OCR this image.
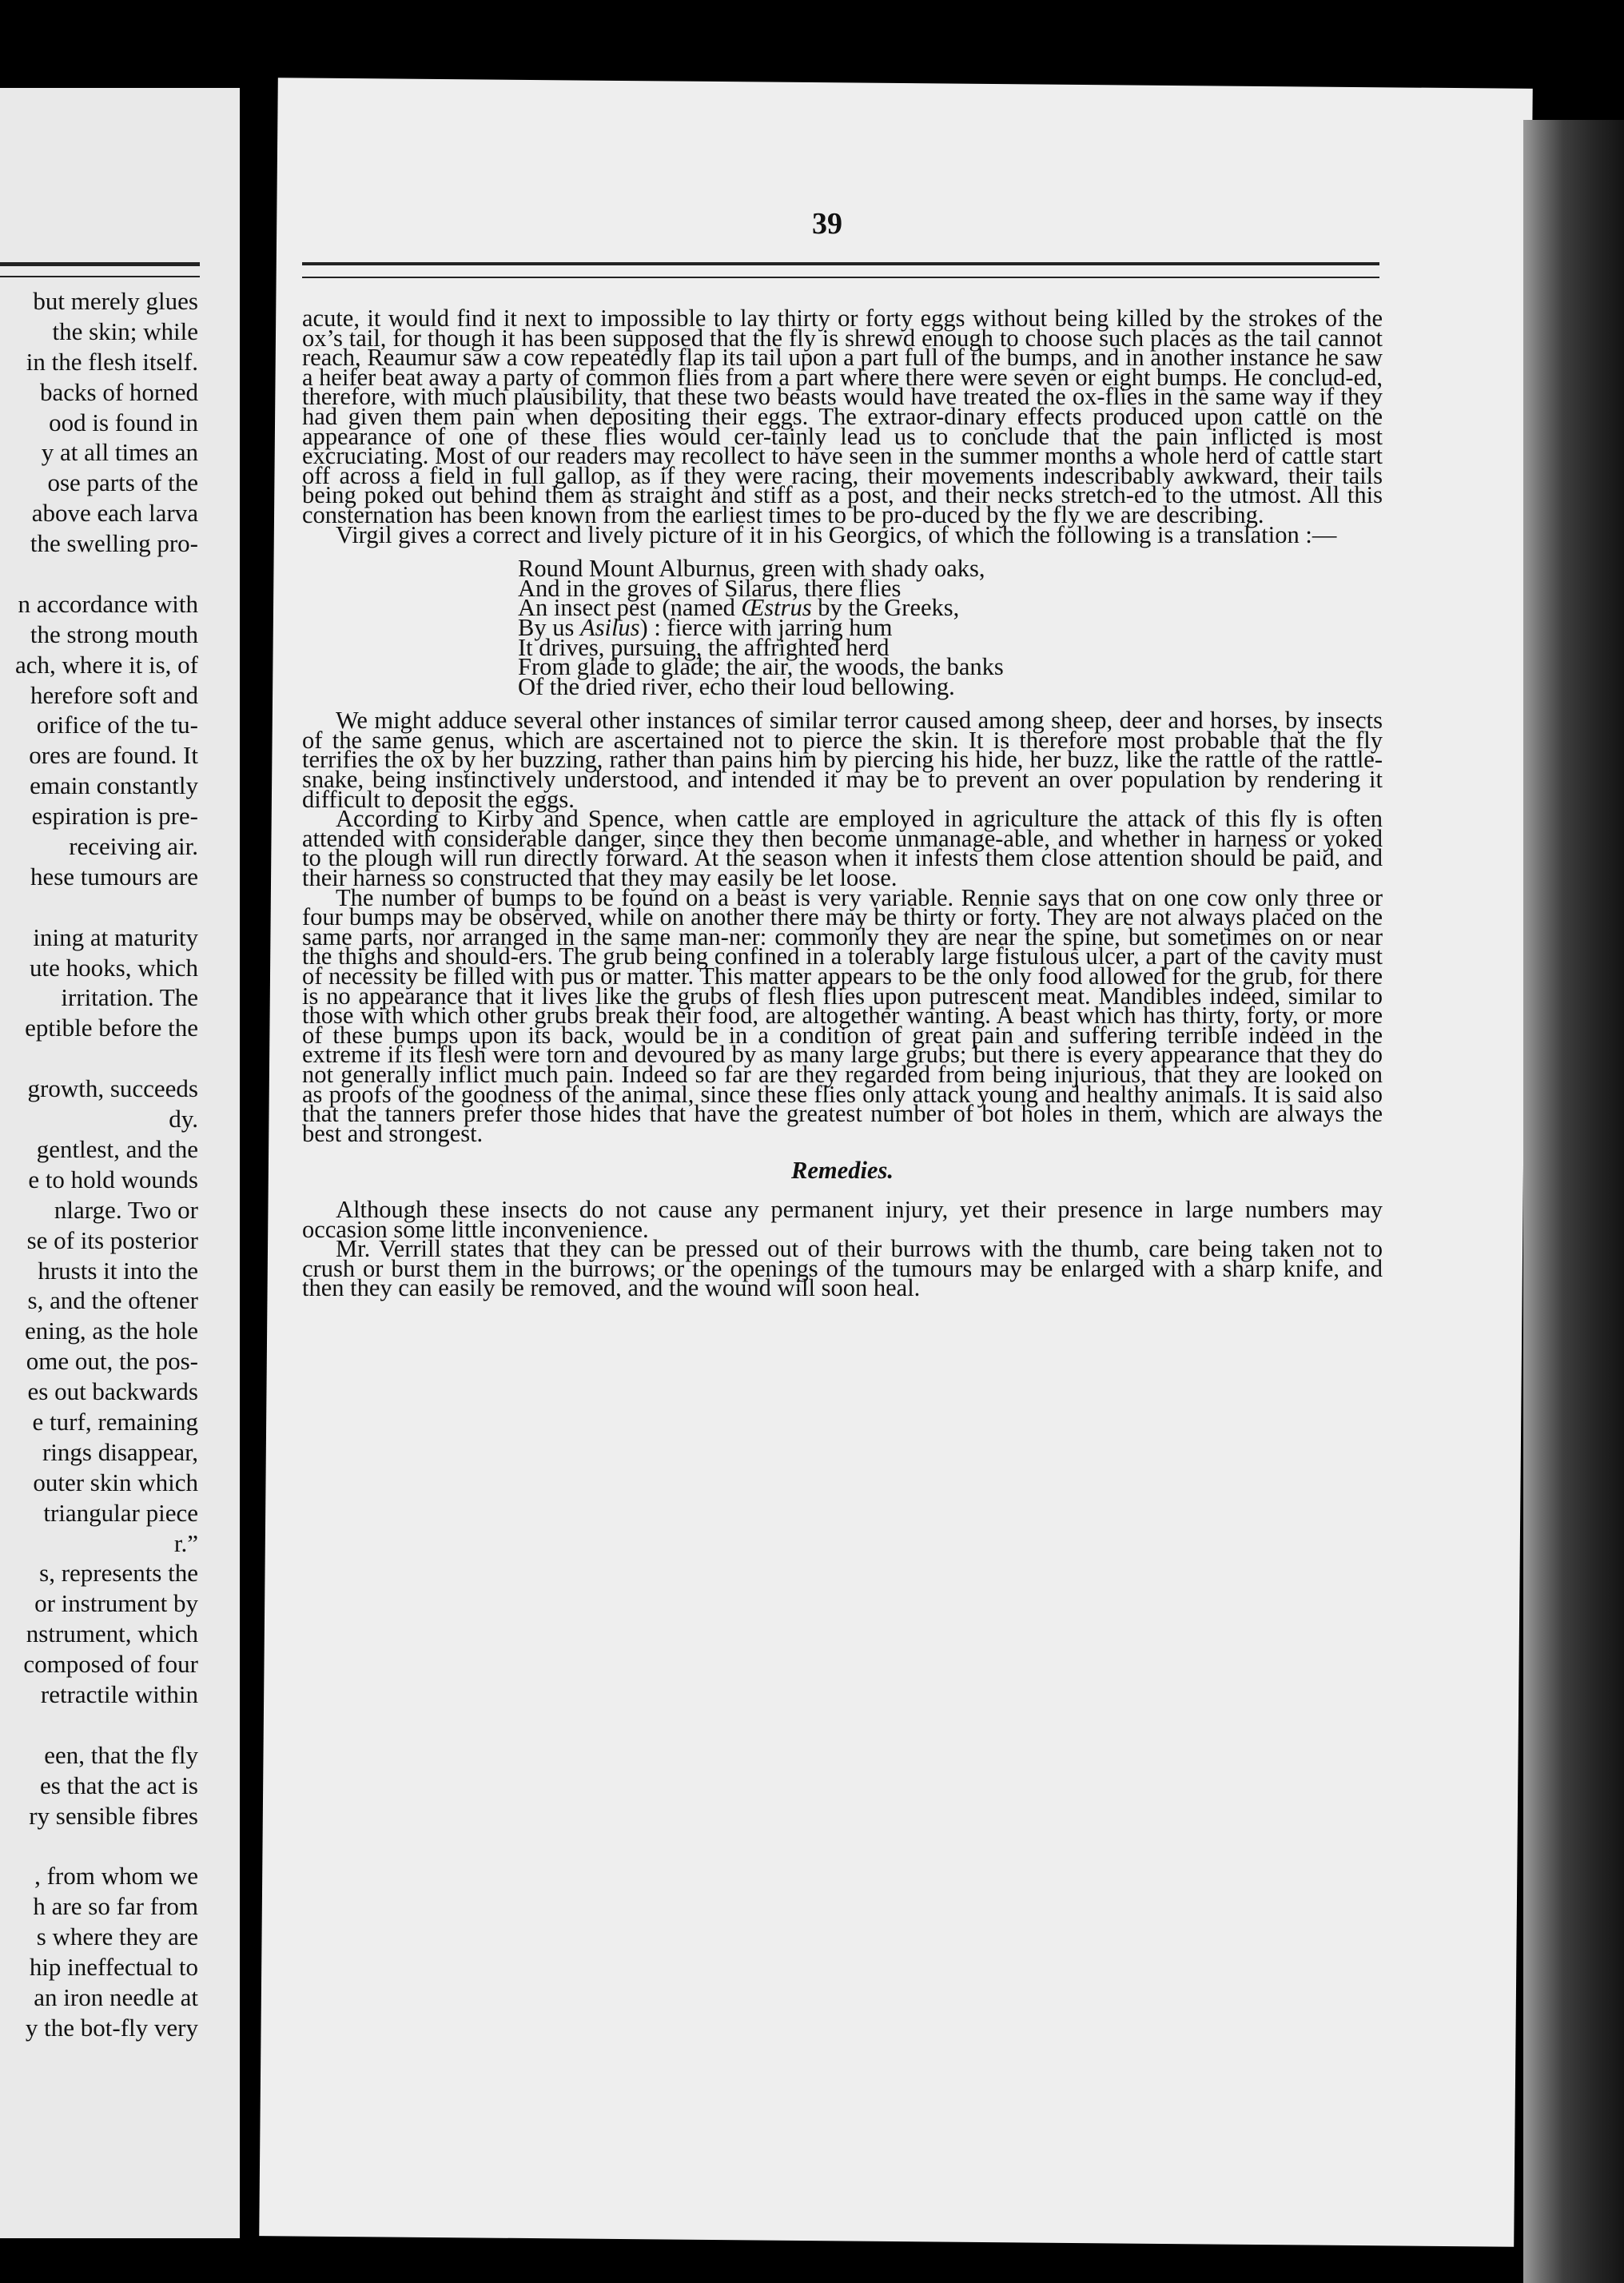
but merely glues
the skin; while
in the flesh itself.
backs of horned
ood is found in
y at all times an
ose parts of the
above each larva
the swelling pro-
n accordance with
the strong mouth
ach, where it is, of
herefore soft and
orifice of the tu-
ores are found. It
emain constantly
espiration is pre-
receiving air.
hese tumours are
ining at maturity
ute hooks, which
irritation. The
eptible before the
growth, succeeds
dy.
gentlest, and the
e to hold wounds
nlarge. Two or
se of its posterior
hrusts it into the
s, and the oftener
ening, as the hole
ome out, the pos-
es out backwards
e turf, remaining
rings disappear,
outer skin which
triangular piece
r.”
s, represents the
or instrument by
nstrument, which
composed of four
retractile within
een, that the fly
es that the act is
ry sensible fibres
, from whom we
h are so far from
s where they are
hip ineffectual to
an iron needle at
y the bot-fly very
39

acute, it would find it next to impossible to lay thirty or forty eggs without being killed by the strokes of the ox’s tail, for though it has been supposed that the fly is shrewd enough to choose such places as the tail cannot reach, Reaumur saw a cow repeatedly flap its tail upon a part full of the bumps, and in another instance he saw a heifer beat away a party of common flies from a part where there were seven or eight bumps. He conclud-ed, therefore, with much plausibility, that these two beasts would have treated the ox-flies in the same way if they had given them pain when depositing their eggs. The extraor-dinary effects produced upon cattle on the appearance of one of these flies would cer-tainly lead us to conclude that the pain inflicted is most excruciating. Most of our readers may recollect to have seen in the summer months a whole herd of cattle start off across a field in full gallop, as if they were racing, their movements indescribably awkward, their tails being poked out behind them as straight and stiff as a post, and their necks stretch-ed to the utmost. All this consternation has been known from the earliest times to be pro-duced by the fly we are describing.

Virgil gives a correct and lively picture of it in his Georgics, of which the following is a translation :—

Round Mount Alburnus, green with shady oaks,
And in the groves of Silarus, there flies
An insect pest (named Œstrus by the Greeks,
By us Asilus) : fierce with jarring hum
It drives, pursuing, the affrighted herd
From glade to glade; the air, the woods, the banks
Of the dried river, echo their loud bellowing.

We might adduce several other instances of similar terror caused among sheep, deer and horses, by insects of the same genus, which are ascertained not to pierce the skin. It is therefore most probable that the fly terrifies the ox by her buzzing, rather than pains him by piercing his hide, her buzz, like the rattle of the rattle-snake, being instinctively understood, and intended it may be to prevent an over population by rendering it difficult to deposit the eggs.

According to Kirby and Spence, when cattle are employed in agriculture the attack of this fly is often attended with considerable danger, since they then become unmanage-able, and whether in harness or yoked to the plough will run directly forward. At the season when it infests them close attention should be paid, and their harness so constructed that they may easily be let loose.

The number of bumps to be found on a beast is very variable. Rennie says that on one cow only three or four bumps may be observed, while on another there may be thirty or forty. They are not always placed on the same parts, nor arranged in the same man-ner: commonly they are near the spine, but sometimes on or near the thighs and should-ers. The grub being confined in a tolerably large fistulous ulcer, a part of the cavity must of necessity be filled with pus or matter. This matter appears to be the only food allowed for the grub, for there is no appearance that it lives like the grubs of flesh flies upon putrescent meat. Mandibles indeed, similar to those with which other grubs break their food, are altogether wanting. A beast which has thirty, forty, or more of these bumps upon its back, would be in a condition of great pain and suffering terrible indeed in the extreme if its flesh were torn and devoured by as many large grubs; but there is every appearance that they do not generally inflict much pain. Indeed so far are they regarded from being injurious, that they are looked on as proofs of the goodness of the animal, since these flies only attack young and healthy animals. It is said also that the tanners prefer those hides that have the greatest number of bot holes in them, which are always the best and strongest.

Remedies.

Although these insects do not cause any permanent injury, yet their presence in large numbers may occasion some little inconvenience.

Mr. Verrill states that they can be pressed out of their burrows with the thumb, care being taken not to crush or burst them in the burrows; or the openings of the tumours may be enlarged with a sharp knife, and then they can easily be removed, and the wound will soon heal.
